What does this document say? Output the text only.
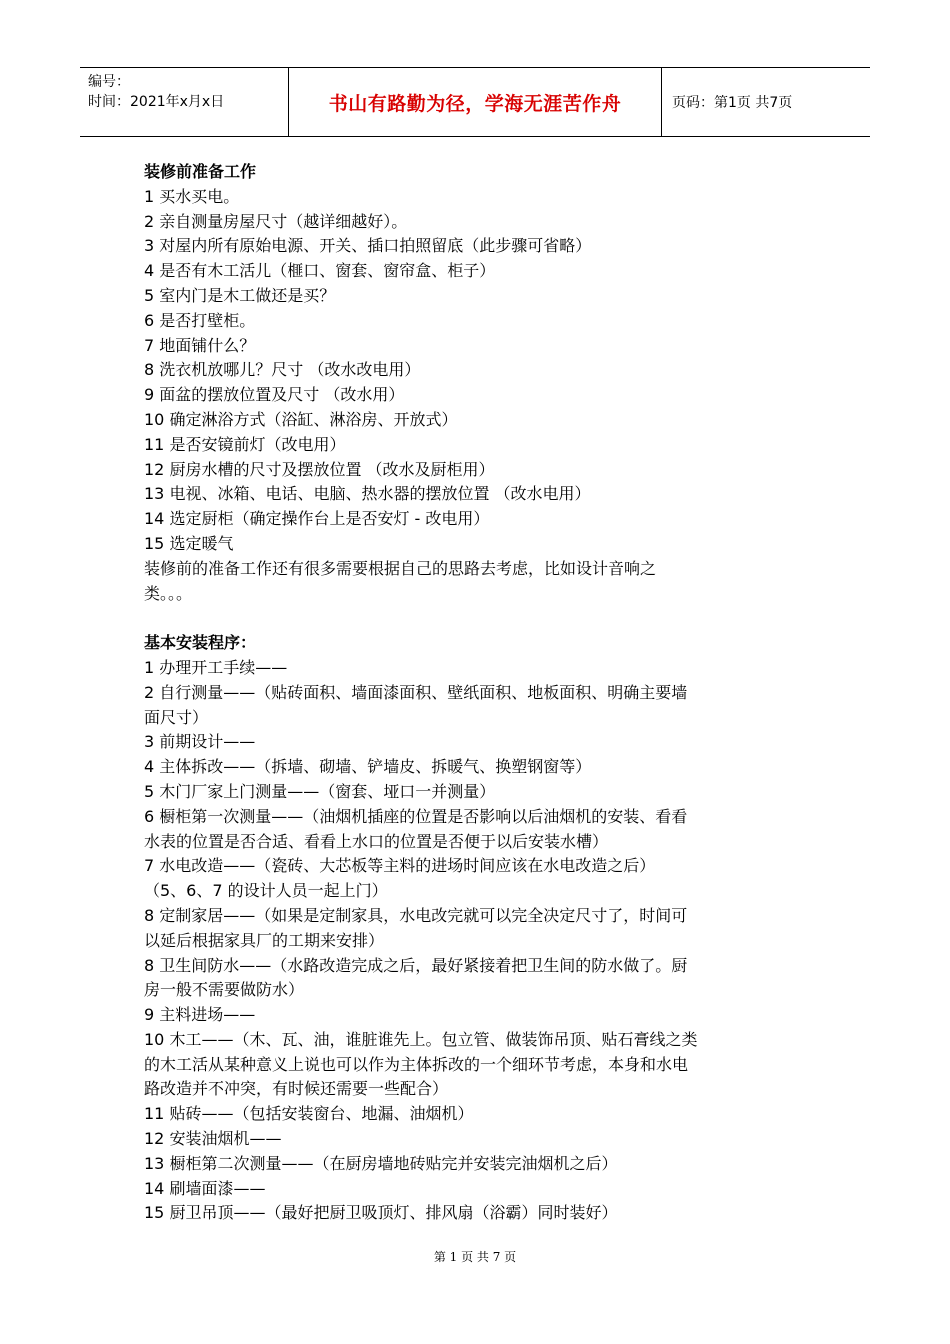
编号：
时间：2021年x月x日	书山有路勤为径，学海无涯苦作舟	页码：第1页 共7页
装修前准备工作
1 买水买电。
2 亲自测量房屋尺寸（越详细越好）。
3 对屋内所有原始电源、开关、插口拍照留底（此步骤可省略）
4 是否有木工活儿（榧口、窗套、窗帘盒、柜子）
5 室内门是木工做还是买？
6 是否打壁柜。
7 地面铺什么？
8 洗衣机放哪儿？尺寸 （改水改电用）
9 面盆的摆放位置及尺寸 （改水用）
10 确定淋浴方式（浴缸、淋浴房、开放式）
11 是否安镜前灯（改电用）
12 厨房水槽的尺寸及摆放位置 （改水及厨柜用）
13 电视、冰箱、电话、电脑、热水器的摆放位置 （改水电用）
14 选定厨柜（确定操作台上是否安灯 - 改电用）
15 选定暖气
装修前的准备工作还有很多需要根据自己的思路去考虑，比如设计音响之
类。。。
基本安装程序：
1 办理开工手续——
2 自行测量——（贴砖面积、墙面漆面积、壁纸面积、地板面积、明确主要墙
面尺寸）
3 前期设计——
4 主体拆改——（拆墙、砌墙、铲墙皮、拆暖气、换塑钢窗等）
5 木门厂家上门测量——（窗套、垭口一并测量）
6 橱柜第一次测量——（油烟机插座的位置是否影响以后油烟机的安装、看看
水表的位置是否合适、看看上水口的位置是否便于以后安装水槽）
7 水电改造——（瓷砖、大芯板等主料的进场时间应该在水电改造之后）
（5、6、7 的设计人员一起上门）
8 定制家居——（如果是定制家具，水电改完就可以完全决定尺寸了，时间可
以延后根据家具厂的工期来安排）
8 卫生间防水——（水路改造完成之后，最好紧接着把卫生间的防水做了。厨
房一般不需要做防水）
9 主料进场——
10 木工——（木、瓦、油，谁脏谁先上。包立管、做装饰吊顶、贴石膏线之类
的木工活从某种意义上说也可以作为主体拆改的一个细环节考虑，本身和水电
路改造并不冲突，有时候还需要一些配合）
11 贴砖——（包括安装窗台、地漏、油烟机）
12 安装油烟机——
13 橱柜第二次测量——（在厨房墙地砖贴完并安装完油烟机之后）
14 刷墙面漆——
15 厨卫吊顶——（最好把厨卫吸顶灯、排风扇（浴霸）同时装好）
第 1 页 共 7 页
